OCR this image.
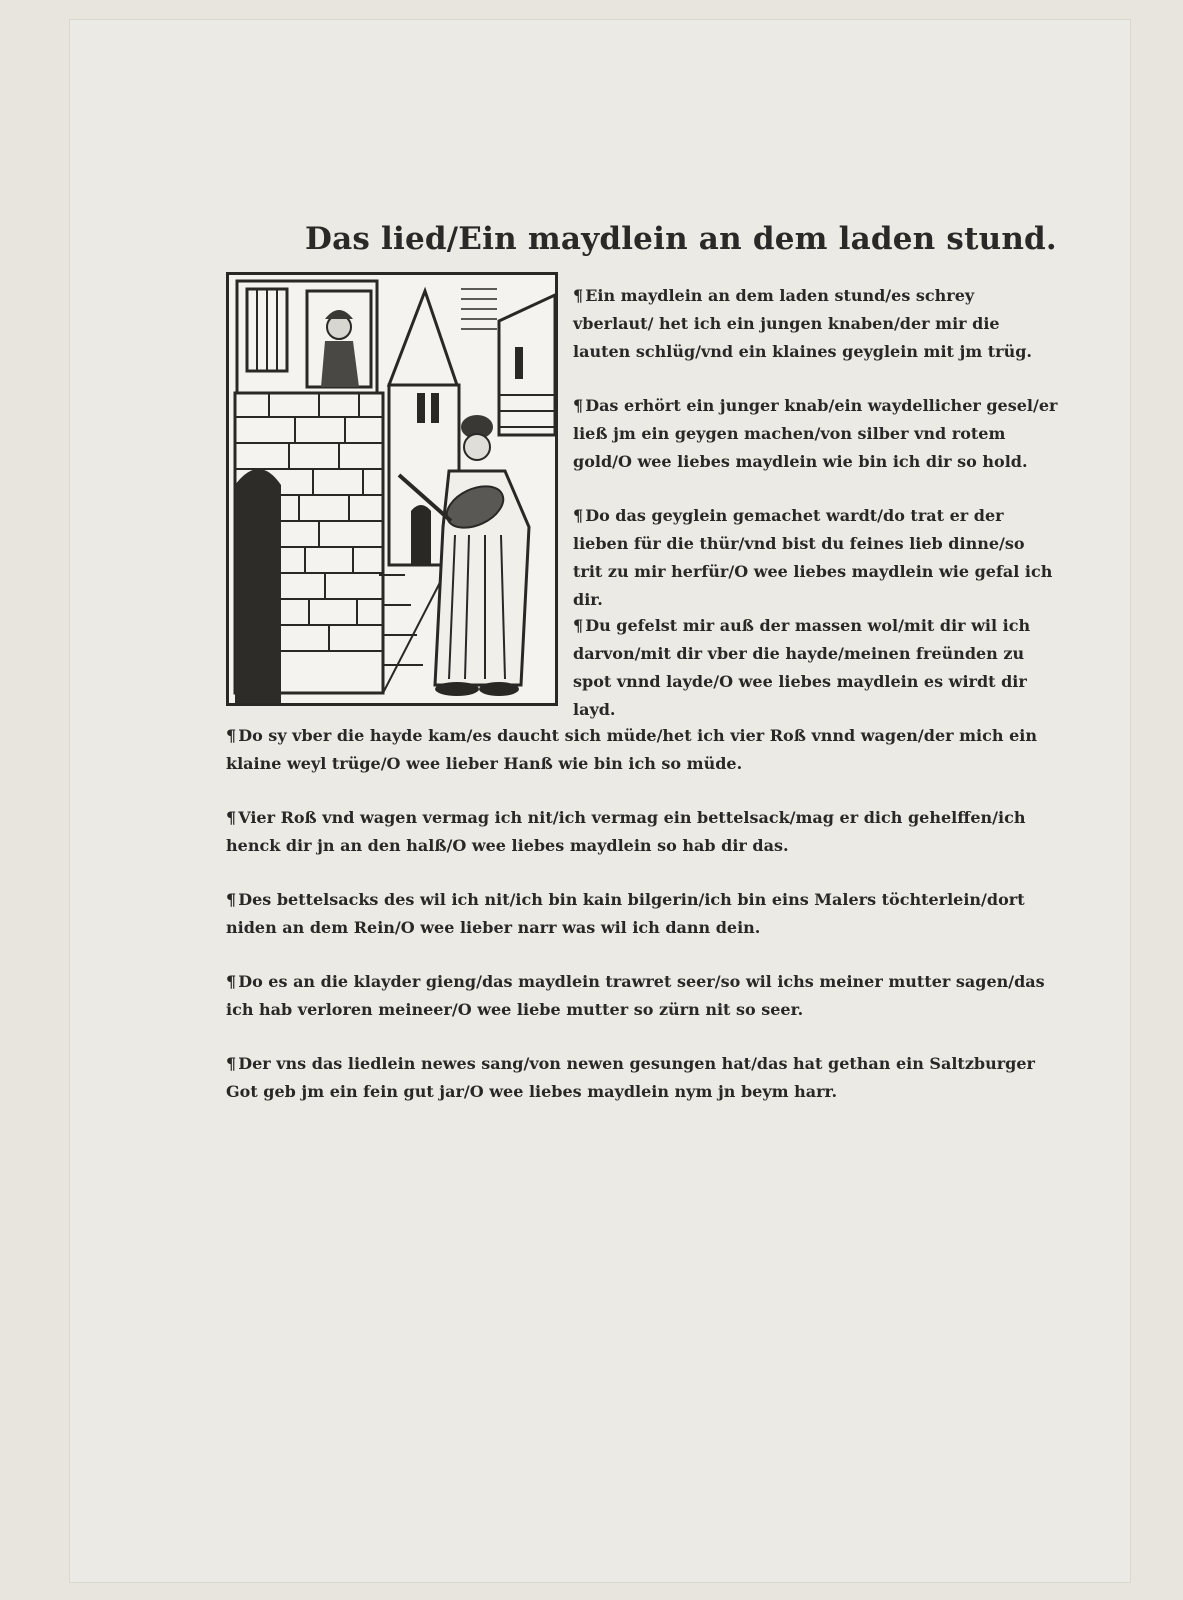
Das lied/Ein maydlein an dem laden stund.

¶ Ein maydlein an dem laden stund/es schrey vberlaut/ het ich ein jungen knaben/der mir die lauten schlüg/vnd ein klaines geyglein mit jm trüg.

¶ Das erhört ein junger knab/ein waydellicher gesel/er ließ jm ein geygen machen/von silber vnd rotem gold/O wee liebes maydlein wie bin ich dir so hold.

¶ Do das geyglein gemachet wardt/do trat er der lieben für die thür/vnd bist du feines lieb dinne/so trit zu mir herfür/O wee liebes maydlein wie gefal ich dir.

¶ Du gefelst mir auß der massen wol/mit dir wil ich darvon/mit dir vber die hayde/meinen freünden zu spot vnnd layde/O wee liebes maydlein es wirdt dir layd.

¶ Do sy vber die hayde kam/es daucht sich müde/het ich vier Roß vnnd wagen/der mich ein klaine weyl trüge/O wee lieber Hanß wie bin ich so müde.

¶ Vier Roß vnd wagen vermag ich nit/ich vermag ein bettelsack/mag er dich gehelffen/ich henck dir jn an den halß/O wee liebes maydlein so hab dir das.

¶ Des bettelsacks des wil ich nit/ich bin kain bilgerin/ich bin eins Malers töchterlein/dort niden an dem Rein/O wee lieber narr was wil ich dann dein.

¶ Do es an die klayder gieng/das maydlein trawret seer/so wil ichs meiner mutter sagen/das ich hab verloren meineer/O wee liebe mutter so zürn nit so seer.

¶ Der vns das liedlein newes sang/von newen gesungen hat/das hat gethan ein Saltzburger Got geb jm ein fein gut jar/O wee liebes maydlein nym jn beym harr.
